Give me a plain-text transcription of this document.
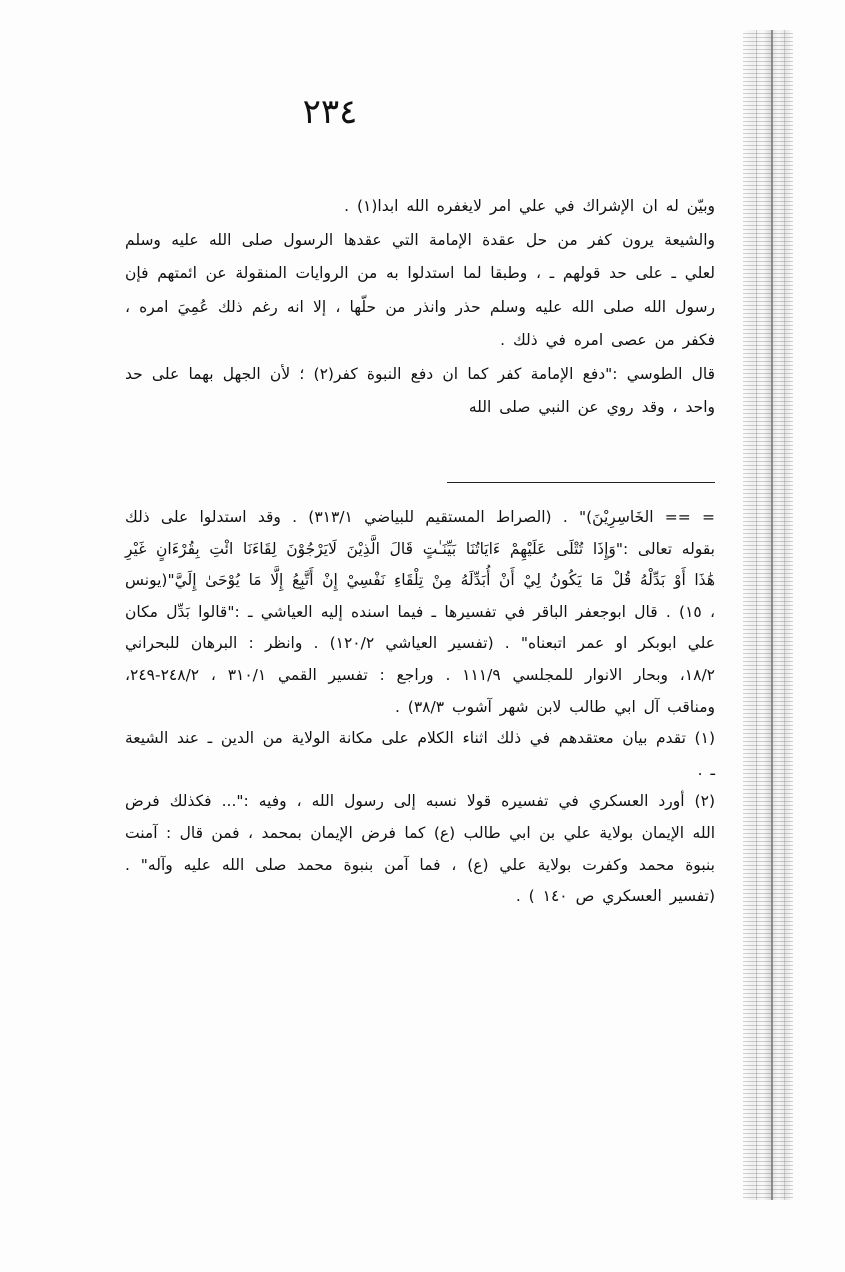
٢٣٤

وبيّن له ان الإشراك في علي امر لايغفره الله ابدا(١) .

والشيعة يرون كفر من حل عقدة الإمامة التي عقدها الرسول صلى الله عليه وسلم لعلي ـ على حد قولهم ـ ، وطبقا لما استدلوا به من الروايات المنقولة عن ائمتهم فإن رسول الله صلى الله عليه وسلم حذر وانذر من حلّها ، إلا انه رغم ذلك عُمِيَ امره ، فكفر من عصى امره في ذلك .

قال الطوسي :"دفع الإمامة كفر كما ان دفع النبوة كفر(٢) ؛ لأن الجهل بهما على حد واحد ، وقد روي عن النبي صلى الله

= == الخَاسِرِيْنَ)" . (الصراط المستقيم للبياضي ٣١٣/١) . وقد استدلوا على ذلك بقوله تعالى :"وَإِذَا تُتْلَى عَلَيْهِمْ ءَايَاتُنَا بَيِّنَـٰتٍ قَالَ الَّذِيْنَ لَايَرْجُوْنَ لِقَاءَنَا ائْتِ بِقُرْءَانٍ غَيْرِ هَٰذَا أَوْ بَدِّلْهُ قُلْ مَا يَكُونُ لِيْ أَنْ أُبَدِّلَهُ مِنْ تِلْقَاءِ نَفْسِيْ إِنْ أَتَّبِعُ إِلَّا مَا يُوْحَىٰ إِلَيَّ"(يونس ، ١٥) . قال ابوجعفر الباقر في تفسيرها ـ فيما اسنده إليه العياشي ـ :"قالوا بَدِّل مكان علي ابوبكر او عمر اتبعناه" . (تفسير العياشي ١٢٠/٢) . وانظر : البرهان للبحراني ١٨/٢، وبحار الانوار للمجلسي ١١١/٩ . وراجع : تفسير القمي ٣١٠/١ ، ٢٤٨/٢-٢٤٩، ومناقب آل ابي طالب لابن شهر آشوب ٣٨/٣) .

(١) تقدم بيان معتقدهم في ذلك اثناء الكلام على مكانة الولاية من الدين ـ عند الشيعة ـ .

(٢) أورد العسكري في تفسيره قولا نسبه إلى رسول الله ، وفيه :"... فكذلك فرض الله الإيمان بولاية علي بن ابي طالب (ع) كما فرض الإيمان بمحمد ، فمن قال : آمنت بنبوة محمد وكفرت بولاية علي (ع) ، فما آمن بنبوة محمد صلى الله عليه وآله" . (تفسير العسكري ص ١٤٠ ) .
